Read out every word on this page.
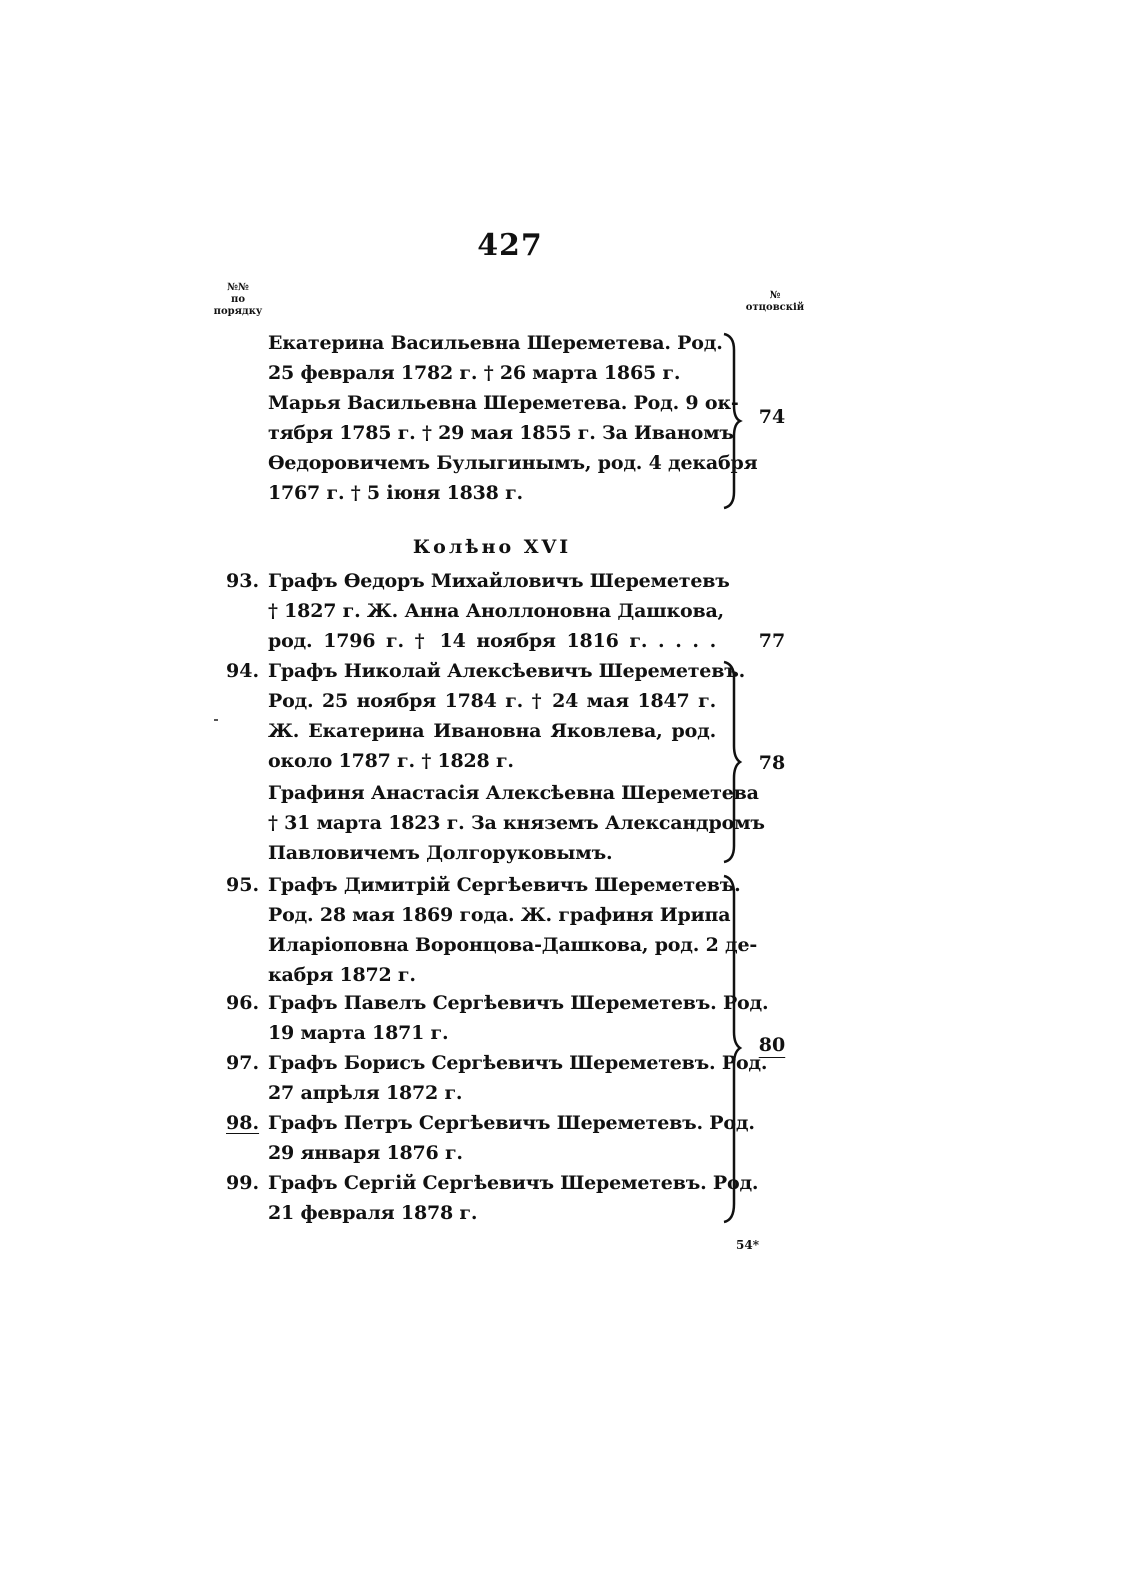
427
№№
по
порядку
№
отцовскій
Екатерина Васильевна Шереметева. Род.
25 февраля 1782 г. † 26 марта 1865 г.
Марья Васильевна Шереметева. Род. 9 ок-
тября 1785 г. † 29 мая 1855 г. За Иваномъ
Өедоровичемъ Булыгинымъ, род. 4 декабря
1767 г. † 5 іюня 1838 г.
74
Колѣно XVI
93. Графъ Өедоръ Михайловичъ Шереметевъ
† 1827 г. Ж. Анна Аноллоновна Дашкова,
род. 1796 г. † 14 ноября 1816 г. . . . .	77
94. Графъ Николай Алексѣевичъ Шереметевъ.
Род. 25 ноября 1784 г. † 24 мая 1847 г.
Ж. Екатерина Ивановна Яковлева, род.
около 1787 г. † 1828 г.
Графиня Анастасія Алексѣевна Шереметева
† 31 марта 1823 г. За княземъ Александромъ
Павловичемъ Долгоруковымъ.
78
95. Графъ Димитрій Сергѣевичъ Шереметевъ.
Род. 28 мая 1869 года. Ж. графиня Ирипа
Иларіоповна Воронцова-Дашкова, род. 2 де-
кабря 1872 г.
96. Графъ Павелъ Сергѣевичъ Шереметевъ. Род.
19 марта 1871 г.
97. Графъ Борисъ Сергѣевичъ Шереметевъ. Род.
27 апрѣля 1872 г.
98. Графъ Петръ Сергѣевичъ Шереметевъ. Род.
29 января 1876 г.
99. Графъ Сергій Сергѣевичъ Шереметевъ. Род.
21 февраля 1878 г.
80
54*
